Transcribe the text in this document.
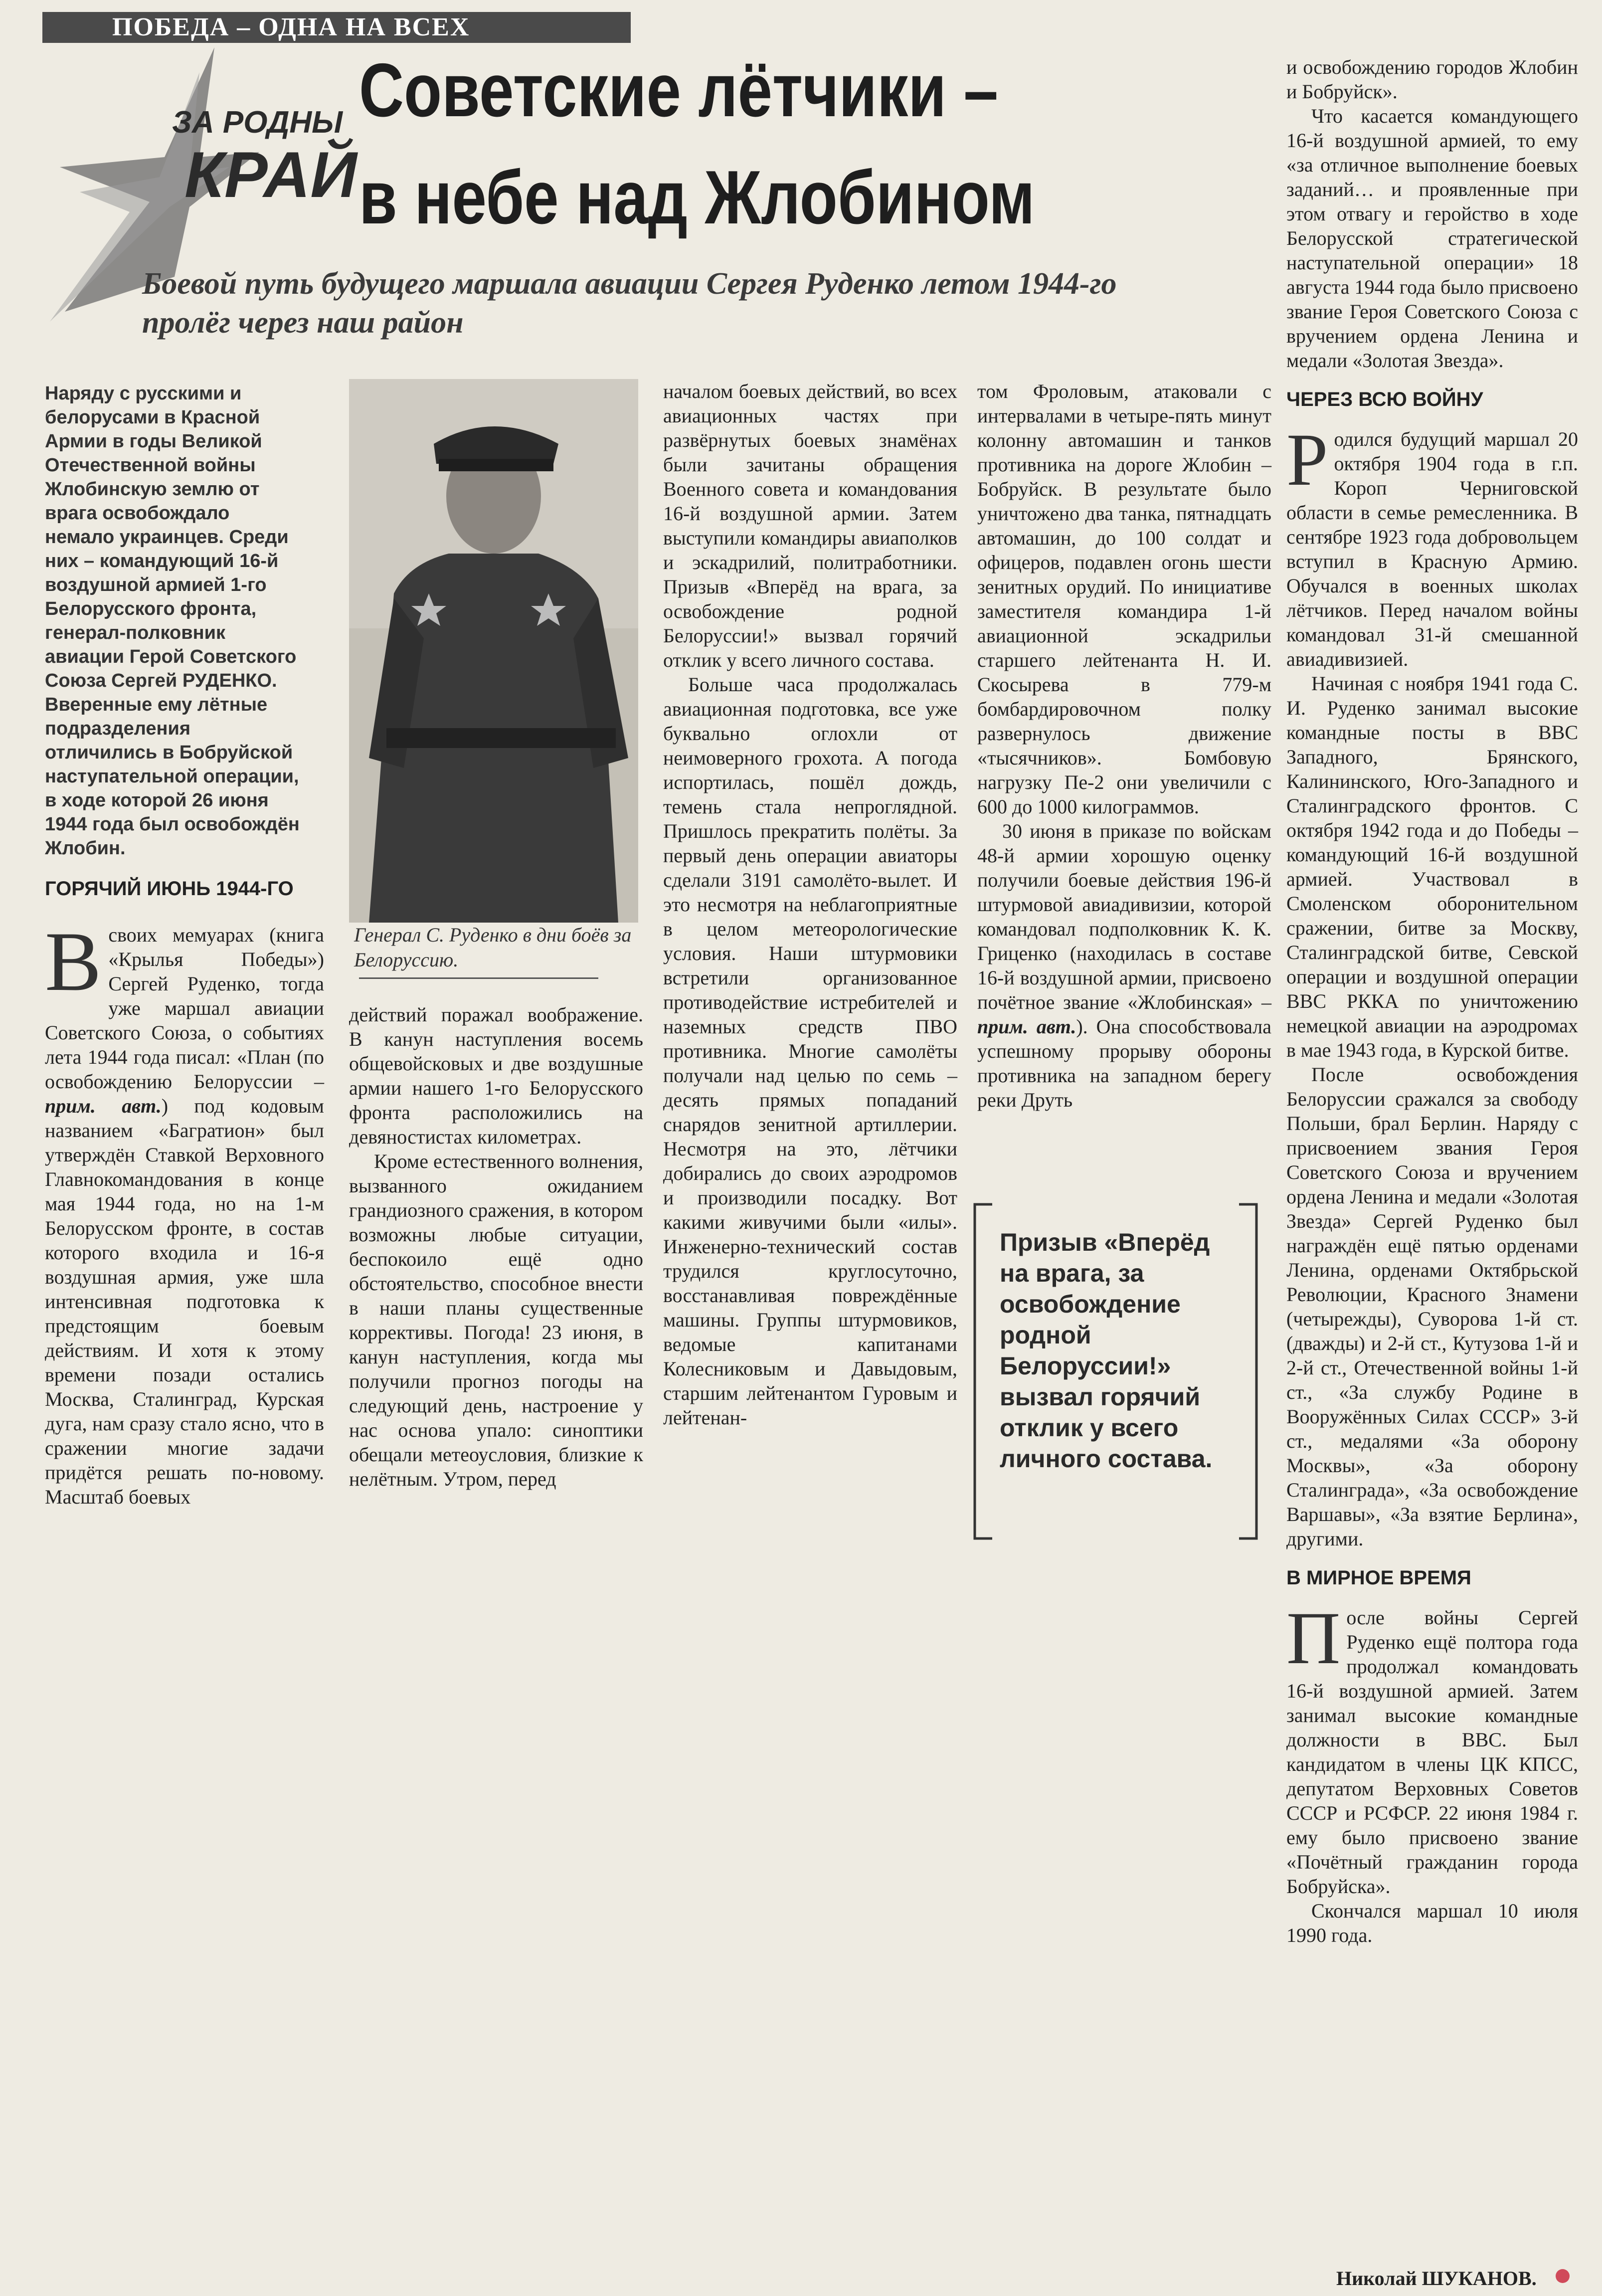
ПОБЕДА – ОДНА НА ВСЕХ
ЗА РОДНЫ
КРАЙ
Советские лётчики –
в небе над Жлобином
Боевой путь будущего маршала авиации Сергея Руденко летом 1944-го пролёг через наш район
Наряду с русскими и белорусами в Красной Армии в годы Великой Отечественной войны Жлобинскую землю от врага освобождало немало украинцев. Среди них – командующий 16-й воздушной армией 1-го Белорусского фронта, генерал-полковник авиации Герой Советского Союза Сергей РУДЕНКО. Вверенные ему лётные подразделения отличились в Бобруйской наступательной операции, в ходе которой 26 июня 1944 года был освобождён Жлобин.
ГОРЯЧИЙ ИЮНЬ 1944-ГО
В своих мемуарах (книга «Крылья Победы») Сергей Руденко, тогда уже маршал авиации Советского Союза, о событиях лета 1944 года писал: «План (по освобождению Белоруссии – прим. авт.) под кодовым названием «Багратион» был утверждён Ставкой Верховного Главнокомандования в конце мая 1944 года, но на 1-м Белорусском фронте, в состав которого входила и 16-я воздушная армия, уже шла интенсивная подготовка к предстоящим боевым действиям. И хотя к этому времени позади остались Москва, Сталинград, Курская дуга, нам сразу стало ясно, что в сражении многие задачи придётся решать по-новому. Масштаб боевых

Генерал С. Руденко в дни боёв за Белоруссию.

действий поражал воображение. В канун наступления восемь общевойсковых и две воздушные армии нашего 1-го Белорусского фронта расположились на девяностистах километрах.

Кроме естественного волнения, вызванного ожиданием грандиозного сражения, в котором возможны любые ситуации, беспокоило ещё одно обстоятельство, способное внести в наши планы существенные коррективы. Погода! 23 июня, в канун наступления, когда мы получили прогноз погоды на следующий день, настроение у нас основа упало: синоптики обещали метеоусловия, близкие к нелётным. Утром, перед

началом боевых действий, во всех авиационных частях при развёрнутых боевых знамёнах были зачитаны обращения Военного совета и командования 16-й воздушной армии. Затем выступили командиры авиаполков и эскадрилий, политработники. Призыв «Вперёд на врага, за освобождение родной Белоруссии!» вызвал горячий отклик у всего личного состава.

Больше часа продолжалась авиационная подготовка, все уже буквально оглохли от неимоверного грохота. А погода испортилась, пошёл дождь, темень стала непроглядной. Пришлось прекратить полёты. За первый день операции авиаторы сделали 3191 самолёто-вылет. И это несмотря на неблагоприятные в целом метеорологические условия. Наши штурмовики встретили организованное противодействие истребителей и наземных средств ПВО противника. Многие самолёты получали над целью по семь – десять прямых попаданий снарядов зенитной артиллерии. Несмотря на это, лётчики добирались до своих аэродромов и производили посадку. Вот какими живучими были «илы». Инженерно-технический состав трудился круглосуточно, восстанавливая повреждённые машины. Группы штурмовиков, ведомые капитанами Колесниковым и Давыдовым, старшим лейтенантом Гуровым и лейтенан-

том Фроловым, атаковали с интервалами в четыре-пять минут колонну автомашин и танков противника на дороге Жлобин – Бобруйск. В результате было уничтожено два танка, пятнадцать автомашин, до 100 солдат и офицеров, подавлен огонь шести зенитных орудий. По инициативе заместителя командира 1-й авиационной эскадрильи старшего лейтенанта Н. И. Скосырева в 779-м бомбардировочном полку развернулось движение «тысячников». Бомбовую нагрузку Пе-2 они увеличили с 600 до 1000 килограммов.

30 июня в приказе по войскам 48-й армии хорошую оценку получили боевые действия 196-й штурмовой авиадивизии, которой командовал подполковник К. К. Гриценко (находилась в составе 16-й воздушной армии, присвоено почётное звание «Жлобинская» – прим. авт.). Она способствовала успешному прорыву обороны противника на западном берегу реки Друть

Призыв «Вперёд на врага, за освобождение родной Белоруссии!» вызвал горячий отклик у всего личного состава.

и освобождению городов Жлобин и Бобруйск».

Что касается командующего 16-й воздушной армией, то ему «за отличное выполнение боевых заданий… и проявленные при этом отвагу и геройство в ходе Белорусской стратегической наступательной операции» 18 августа 1944 года было присвоено звание Героя Советского Союза с вручением ордена Ленина и медали «Золотая Звезда».

ЧЕРЕЗ ВСЮ ВОЙНУ
Р одился будущий маршал 20 октября 1904 года в г.п. Короп Черниговской области в семье ремесленника. В сентябре 1923 года добровольцем вступил в Красную Армию. Обучался в военных школах лётчиков. Перед началом войны командовал 31-й смешанной авиадивизией.

Начиная с ноября 1941 года С. И. Руденко занимал высокие командные посты в ВВС Западного, Брянского, Калининского, Юго-Западного и Сталинградского фронтов. С октября 1942 года и до Победы – командующий 16-й воздушной армией. Участвовал в Смоленском оборонительном сражении, битве за Москву, Сталинградской битве, Севской операции и воздушной операции ВВС РККА по уничтожению немецкой авиации на аэродромах в мае 1943 года, в Курской битве.

После освобождения Белоруссии сражался за свободу Польши, брал Берлин. Наряду с присвоением звания Героя Советского Союза и вручением ордена Ленина и медали «Золотая Звезда» Сергей Руденко был награждён ещё пятью орденами Ленина, орденами Октябрьской Революции, Красного Знамени (четырежды), Суворова 1-й ст. (дважды) и 2-й ст., Кутузова 1-й и 2-й ст., Отечественной войны 1-й ст., «За службу Родине в Вооружённых Силах СССР» 3-й ст., медалями «За оборону Москвы», «За оборону Сталинграда», «За освобождение Варшавы», «За взятие Берлина», другими.

В МИРНОЕ ВРЕМЯ
П осле войны Сергей Руденко ещё полтора года продолжал командовать 16-й воздушной армией. Затем занимал высокие командные должности в ВВС. Был кандидатом в члены ЦК КПСС, депутатом Верховных Советов СССР и РСФСР. 22 июня 1984 г. ему было присвоено звание «Почётный гражданин города Бобруйска».

Скончался маршал 10 июля 1990 года.

Николай ШУКАНОВ.
